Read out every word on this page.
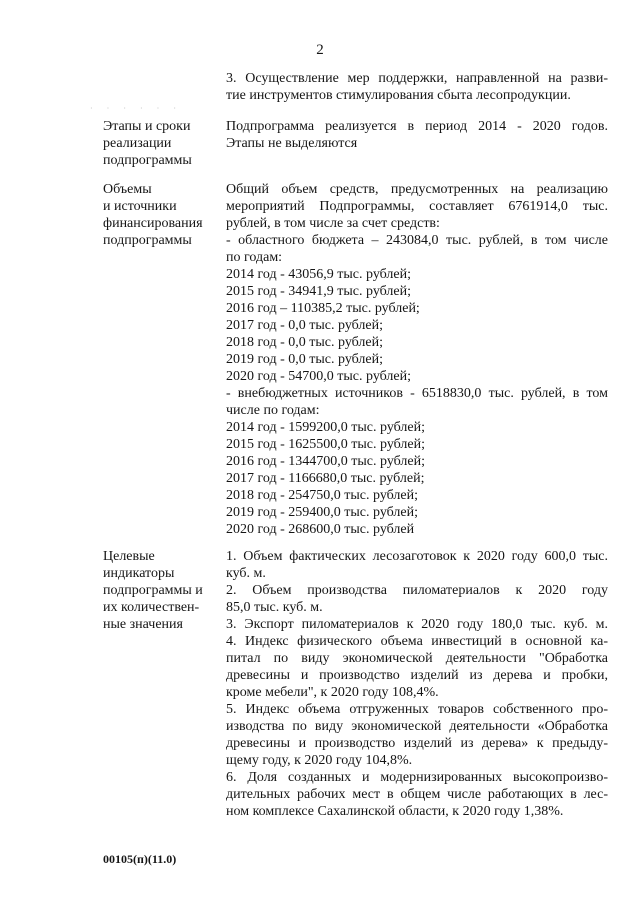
2
· · · · · ·
3. Осуществление мер поддержки, направленной на разви-
тие инструментов стимулирования сбыта лесопродукции.
Этапы и сроки
реализации
подпрограммы
Подпрограмма реализуется в период 2014 - 2020 годов.
Этапы не выделяются
Объемы
и источники
финансирования
подпрограммы
Общий объем средств, предусмотренных на реализацию
мероприятий Подпрограммы, составляет 6761914,0 тыс.
рублей, в том числе за счет средств:
- областного бюджета – 243084,0 тыс. рублей, в том числе
по годам:
2014 год - 43056,9 тыс. рублей;
2015 год - 34941,9 тыс. рублей;
2016 год – 110385,2 тыс. рублей;
2017 год - 0,0 тыс. рублей;
2018 год - 0,0 тыс. рублей;
2019 год - 0,0 тыс. рублей;
2020 год - 54700,0 тыс. рублей;
- внебюджетных источников - 6518830,0 тыс. рублей, в том
числе по годам:
2014 год - 1599200,0 тыс. рублей;
2015 год - 1625500,0 тыс. рублей;
2016 год - 1344700,0 тыс. рублей;
2017 год - 1166680,0 тыс. рублей;
2018 год - 254750,0 тыс. рублей;
2019 год - 259400,0 тыс. рублей;
2020 год - 268600,0 тыс. рублей
Целевые
индикаторы
подпрограммы и
их количествен-
ные значения
1. Объем фактических лесозаготовок к 2020 году 600,0 тыс.
куб. м.
2. Объем производства пиломатериалов к 2020 году
85,0 тыс. куб. м.
3. Экспорт пиломатериалов к 2020 году 180,0 тыс. куб. м.
4. Индекс физического объема инвестиций в основной ка-
питал по виду экономической деятельности "Обработка
древесины и производство изделий из дерева и пробки,
кроме мебели", к 2020 году 108,4%.
5. Индекс объема отгруженных товаров собственного про-
изводства по виду экономической деятельности «Обработка
древесины и производство изделий из дерева» к предыду-
щему году, к 2020 году 104,8%.
6. Доля созданных и модернизированных высокопроизво-
дительных рабочих мест в общем числе работающих в лес-
ном комплексе Сахалинской области, к 2020 году 1,38%.
00105(п)(11.0)
